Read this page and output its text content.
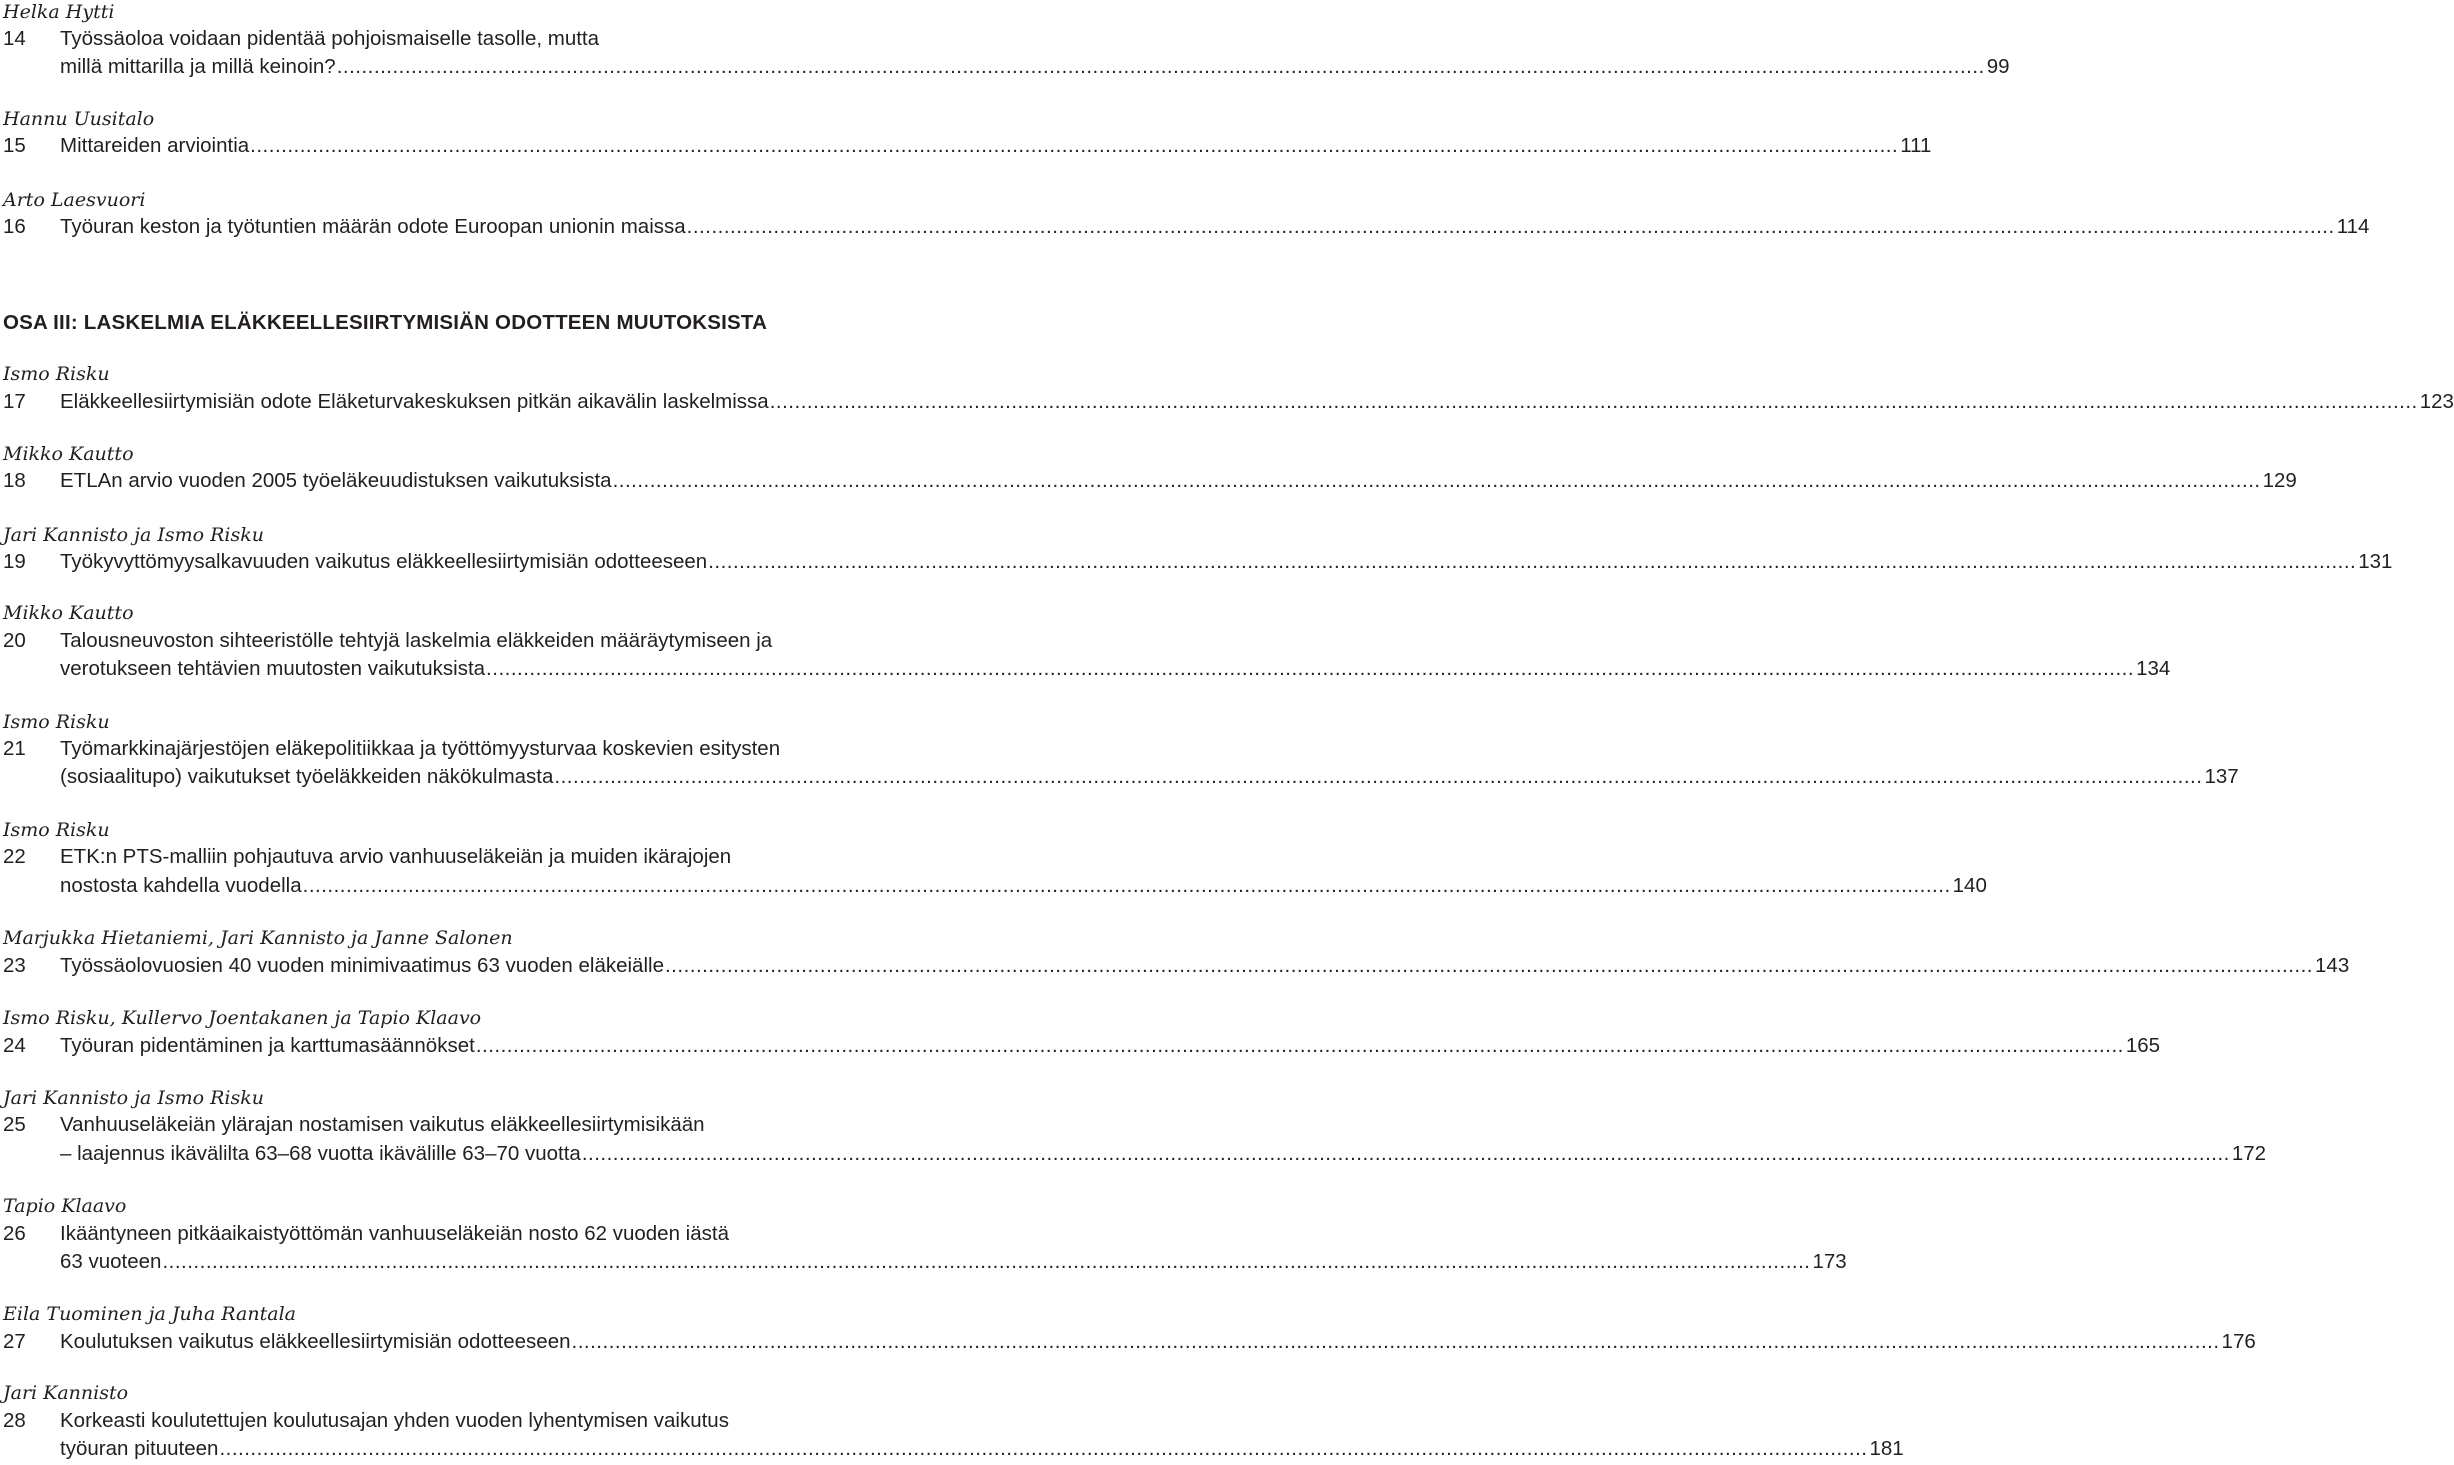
Helka Hytti
14	Työssäoloa voidaan pidentää pohjoismaiselle tasolle, mutta
millä mittarilla ja millä keinoin? .......................................................................................................................................................................................................................................................................... 99
Hannu Uusitalo
15	Mittareiden arviointia .......................................................................................................................................................................................................................................................................... 111
Arto Laesvuori
16	Työuran keston ja työtuntien määrän odote Euroopan unionin maissa .......................................................................................................................................................................................................................................................................... 114
OSA III: LASKELMIA ELÄKKEELLESIIRTYMISIÄN ODOTTEEN MUUTOKSISTA
Ismo Risku
17	Eläkkeellesiirtymisiän odote Eläketurvakeskuksen pitkän aikavälin laskelmissa .......................................................................................................................................................................................................................................................................... 123
Mikko Kautto
18	ETLAn arvio vuoden 2005 työeläkeuudistuksen vaikutuksista .......................................................................................................................................................................................................................................................................... 129
Jari Kannisto ja Ismo Risku
19	Työkyvyttömyysalkavuuden vaikutus eläkkeellesiirtymisiän odotteeseen .......................................................................................................................................................................................................................................................................... 131
Mikko Kautto
20	Talousneuvoston sihteeristölle tehtyjä laskelmia eläkkeiden määräytymiseen ja
verotukseen tehtävien muutosten vaikutuksista .......................................................................................................................................................................................................................................................................... 134
Ismo Risku
21	Työmarkkinajärjestöjen eläkepolitiikkaa ja työttömyysturvaa koskevien esitysten
(sosiaalitupo) vaikutukset työeläkkeiden näkökulmasta .......................................................................................................................................................................................................................................................................... 137
Ismo Risku
22	ETK:n PTS-malliin pohjautuva arvio vanhuuseläkeiän ja muiden ikärajojen
nostosta kahdella vuodella .......................................................................................................................................................................................................................................................................... 140
Marjukka Hietaniemi, Jari Kannisto ja Janne Salonen
23	Työssäolovuosien 40 vuoden minimivaatimus 63 vuoden eläkeiälle .......................................................................................................................................................................................................................................................................... 143
Ismo Risku, Kullervo Joentakanen ja Tapio Klaavo
24	Työuran pidentäminen ja karttumasäännökset .......................................................................................................................................................................................................................................................................... 165
Jari Kannisto ja Ismo Risku
25	Vanhuuseläkeiän ylärajan nostamisen vaikutus eläkkeellesiirtymisikään
– laajennus ikävälilta 63–68 vuotta ikävälille 63–70 vuotta .......................................................................................................................................................................................................................................................................... 172
Tapio Klaavo
26	Ikääntyneen pitkäaikaistyöttömän vanhuuseläkeiän nosto 62 vuoden iästä
63 vuoteen .......................................................................................................................................................................................................................................................................... 173
Eila Tuominen ja Juha Rantala
27	Koulutuksen vaikutus eläkkeellesiirtymisiän odotteeseen .......................................................................................................................................................................................................................................................................... 176
Jari Kannisto
28	Korkeasti koulutettujen koulutusajan yhden vuoden lyhentymisen vaikutus
työuran pituuteen .......................................................................................................................................................................................................................................................................... 181
